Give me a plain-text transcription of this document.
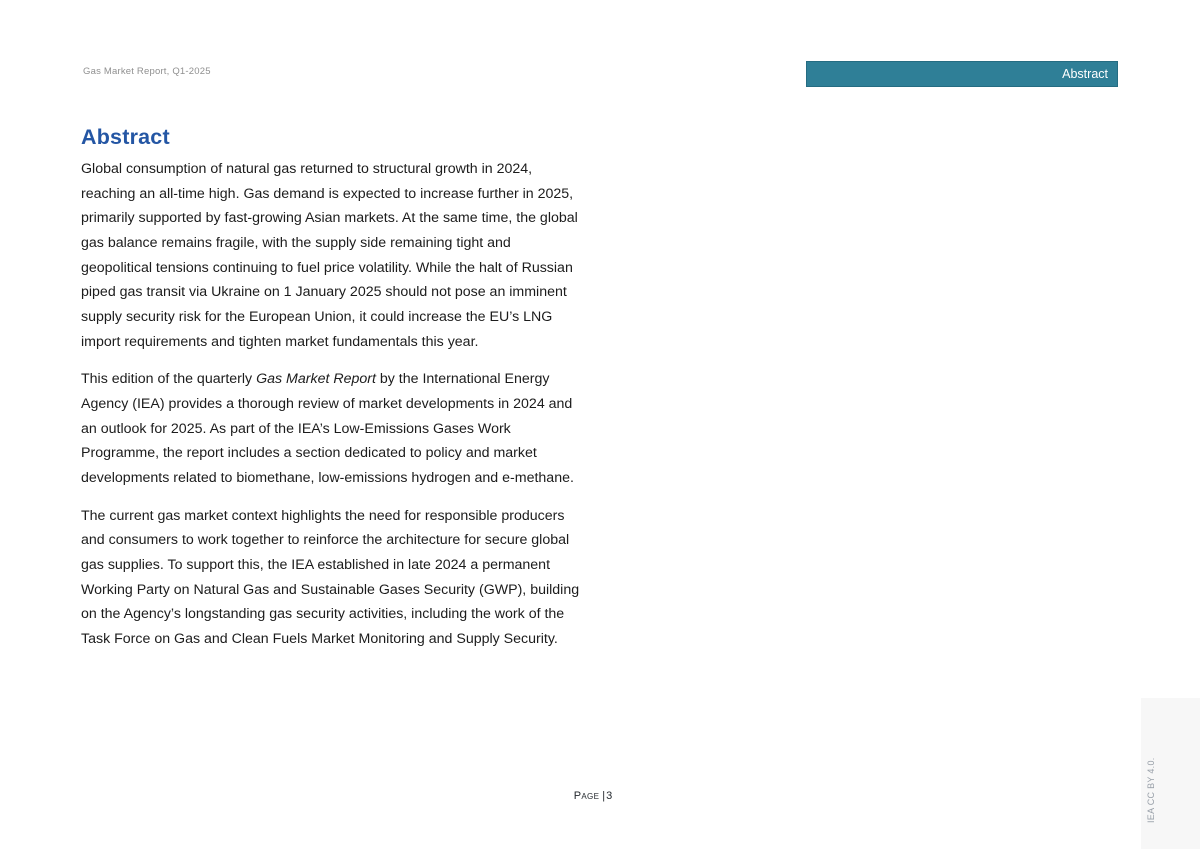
Gas Market Report, Q1-2025	Abstract
Abstract

Global consumption of natural gas returned to structural growth in 2024, reaching an all-time high. Gas demand is expected to increase further in 2025, primarily supported by fast-growing Asian markets. At the same time, the global gas balance remains fragile, with the supply side remaining tight and geopolitical tensions continuing to fuel price volatility. While the halt of Russian piped gas transit via Ukraine on 1 January 2025 should not pose an imminent supply security risk for the European Union, it could increase the EU’s LNG import requirements and tighten market fundamentals this year.

This edition of the quarterly Gas Market Report by the International Energy Agency (IEA) provides a thorough review of market developments in 2024 and an outlook for 2025. As part of the IEA’s Low-Emissions Gases Work Programme, the report includes a section dedicated to policy and market developments related to biomethane, low-emissions hydrogen and e-methane.

The current gas market context highlights the need for responsible producers and consumers to work together to reinforce the architecture for secure global gas supplies. To support this, the IEA established in late 2024 a permanent Working Party on Natural Gas and Sustainable Gases Security (GWP), building on the Agency’s longstanding gas security activities, including the work of the Task Force on Gas and Clean Fuels Market Monitoring and Supply Security.

Page |3	IEA CC BY 4.0.
